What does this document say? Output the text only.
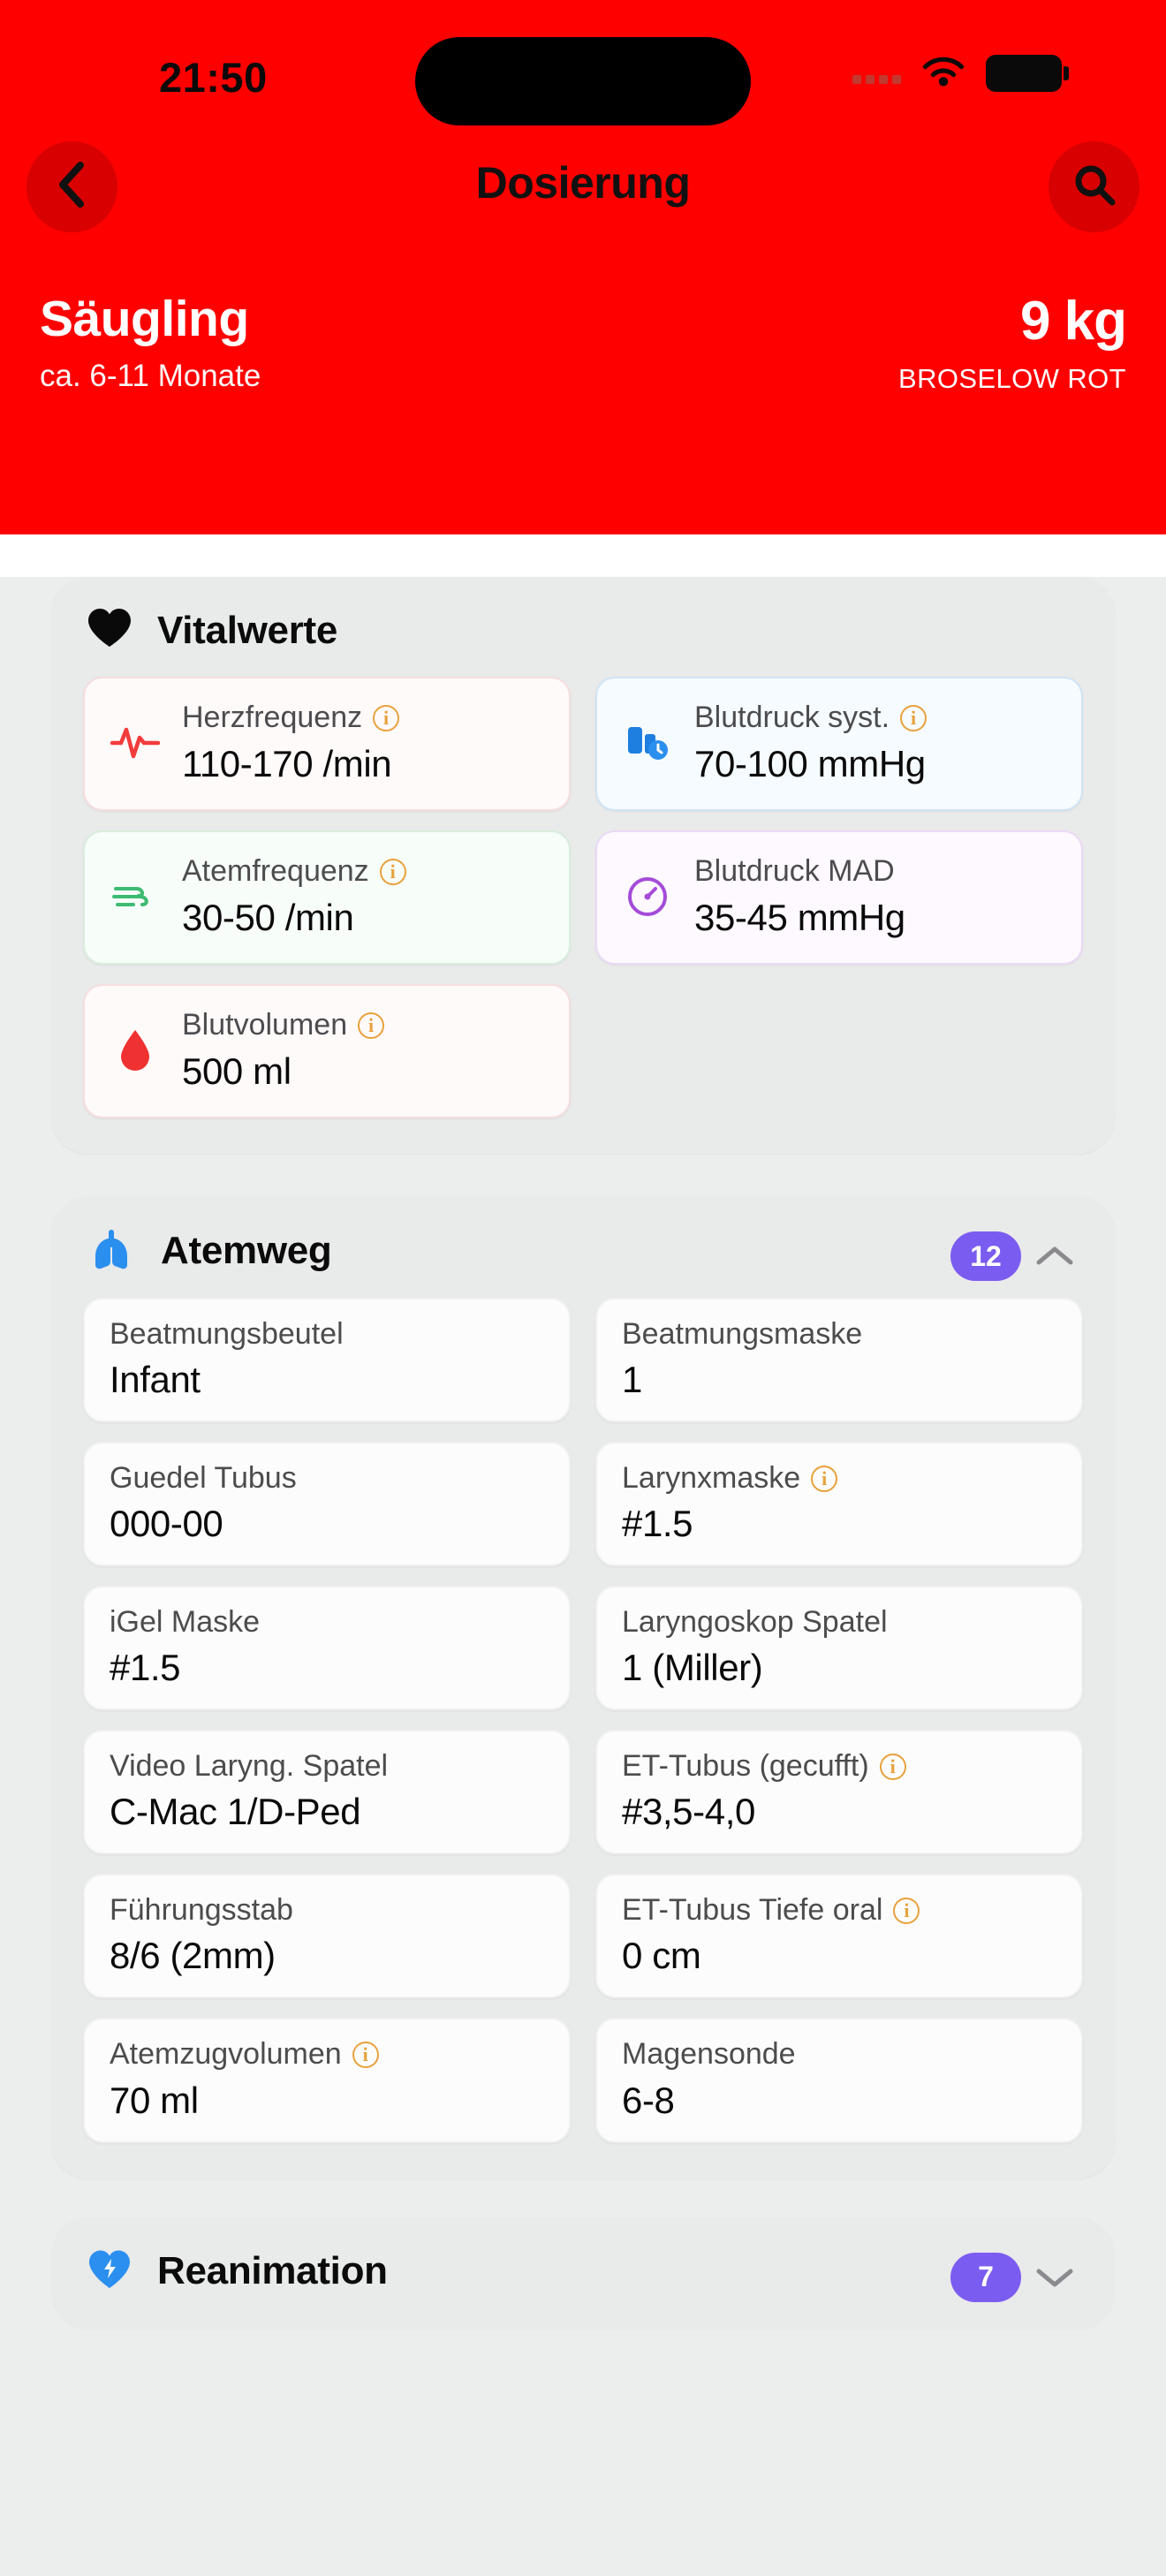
21:50
Dosierung
Säugling
ca. 6-11 Monate
9 kg
BROSELOW ROT
Vitalwerte
Herzfrequenz	i
110-170 /min
Blutdruck syst.	i
70-100 mmHg
Atemfrequenz	i
30-50 /min
Blutdruck MAD
35-45 mmHg
Blutvolumen	i
500 ml
Atemweg	12
Beatmungsbeutel
Infant
Beatmungsmaske
1
Guedel Tubus
000-00
Larynxmaske	i
#1.5
iGel Maske
#1.5
Laryngoskop Spatel
1 (Miller)
Video Laryng. Spatel
C-Mac 1/D-Ped
ET-Tubus (gecufft)	i
#3,5-4,0
Führungsstab
8/6 (2mm)
ET-Tubus Tiefe oral	i
0 cm
Atemzugvolumen	i
70 ml
Magensonde
6-8
Reanimation	7
